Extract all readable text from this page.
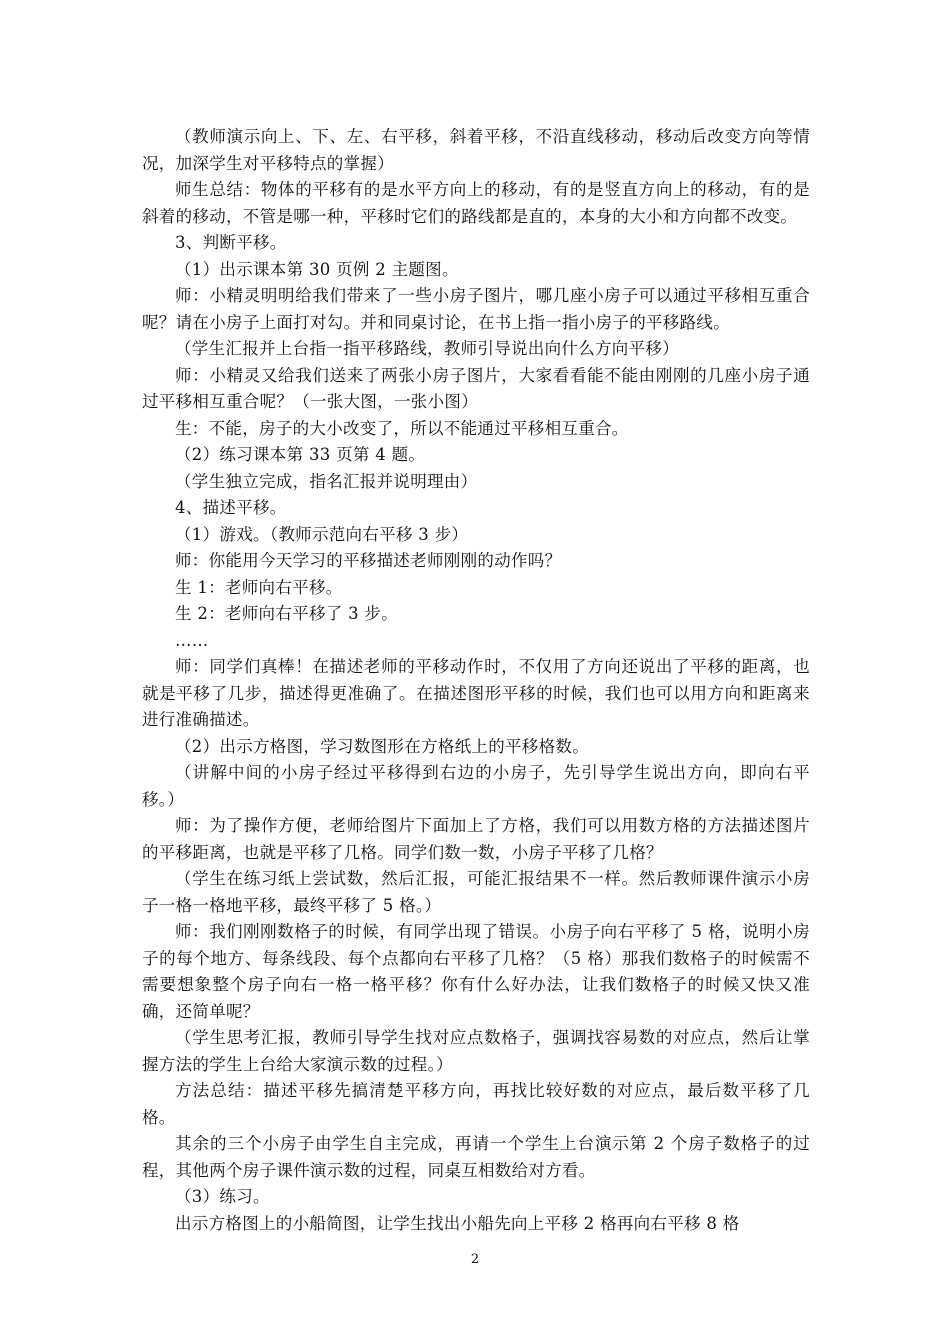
（教师演示向上、下、左、右平移，斜着平移，不沿直线移动，移动后改变方向等情况，加深学生对平移特点的掌握）

师生总结：物体的平移有的是水平方向上的移动，有的是竖直方向上的移动，有的是斜着的移动，不管是哪一种，平移时它们的路线都是直的，本身的大小和方向都不改变。

3、判断平移。

（1）出示课本第 30 页例 2 主题图。

师：小精灵明明给我们带来了一些小房子图片，哪几座小房子可以通过平移相互重合呢？请在小房子上面打对勾。并和同桌讨论，在书上指一指小房子的平移路线。

（学生汇报并上台指一指平移路线，教师引导说出向什么方向平移）

师：小精灵又给我们送来了两张小房子图片，大家看看能不能由刚刚的几座小房子通过平移相互重合呢？（一张大图，一张小图）

生：不能，房子的大小改变了，所以不能通过平移相互重合。

（2）练习课本第 33 页第 4 题。

（学生独立完成，指名汇报并说明理由）

4、描述平移。

（1）游戏。（教师示范向右平移 3 步）

师：你能用今天学习的平移描述老师刚刚的动作吗？

生 1：老师向右平移。

生 2：老师向右平移了 3 步。

……

师：同学们真棒！在描述老师的平移动作时，不仅用了方向还说出了平移的距离，也就是平移了几步，描述得更准确了。在描述图形平移的时候，我们也可以用方向和距离来进行准确描述。

（2）出示方格图，学习数图形在方格纸上的平移格数。

（讲解中间的小房子经过平移得到右边的小房子，先引导学生说出方向，即向右平移。）

师：为了操作方便，老师给图片下面加上了方格，我们可以用数方格的方法描述图片的平移距离，也就是平移了几格。同学们数一数，小房子平移了几格？

（学生在练习纸上尝试数，然后汇报，可能汇报结果不一样。然后教师课件演示小房子一格一格地平移，最终平移了 5 格。）

师：我们刚刚数格子的时候，有同学出现了错误。小房子向右平移了 5 格，说明小房子的每个地方、每条线段、每个点都向右平移了几格？（5 格）那我们数格子的时候需不需要想象整个房子向右一格一格平移？你有什么好办法，让我们数格子的时候又快又准确，还简单呢？

（学生思考汇报，教师引导学生找对应点数格子，强调找容易数的对应点，然后让掌握方法的学生上台给大家演示数的过程。）

方法总结：描述平移先搞清楚平移方向，再找比较好数的对应点，最后数平移了几格。

其余的三个小房子由学生自主完成，再请一个学生上台演示第 2 个房子数格子的过程，其他两个房子课件演示数的过程，同桌互相数给对方看。

（3）练习。

出示方格图上的小船简图，让学生找出小船先向上平移 2 格再向右平移 8 格

2
